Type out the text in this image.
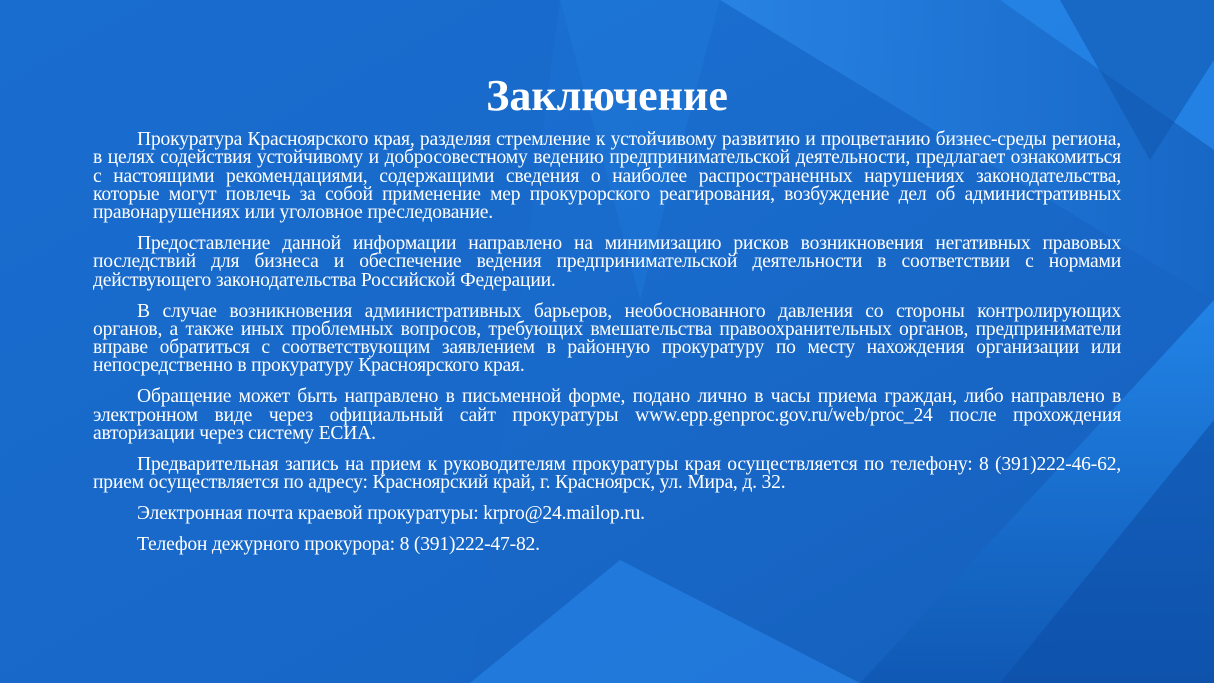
Заключение

Прокуратура Красноярского края, разделяя стремление к устойчивому развитию и процветанию бизнес-среды региона, в целях содействия устойчивому и добросовестному ведению предпринимательской деятельности, предлагает ознакомиться с настоящими рекомендациями, содержащими сведения о наиболее распространенных нарушениях законодательства, которые могут повлечь за собой применение мер прокурорского реагирования, возбуждение дел об административных правонарушениях или уголовное преследование.

Предоставление данной информации направлено на минимизацию рисков возникновения негативных правовых последствий для бизнеса и обеспечение ведения предпринимательской деятельности в соответствии с нормами действующего законодательства Российской Федерации.

В случае возникновения административных барьеров, необоснованного давления со стороны контролирующих органов, а также иных проблемных вопросов, требующих вмешательства правоохранительных органов, предприниматели вправе обратиться с соответствующим заявлением в районную прокуратуру по месту нахождения организации или непосредственно в прокуратуру Красноярского края.

Обращение может быть направлено в письменной форме, подано лично в часы приема граждан, либо направлено в электронном виде через официальный сайт прокуратуры www.epp.genproc.gov.ru/web/proc_24 после прохождения авторизации через систему ЕСИА.

Предварительная запись на прием к руководителям прокуратуры края осуществляется по телефону: 8 (391)222-46-62, прием осуществляется по адресу: Красноярский край, г. Красноярск, ул. Мира, д. 32.

Электронная почта краевой прокуратуры: krpro@24.mailop.ru.

Телефон дежурного прокурора: 8 (391)222-47-82.
